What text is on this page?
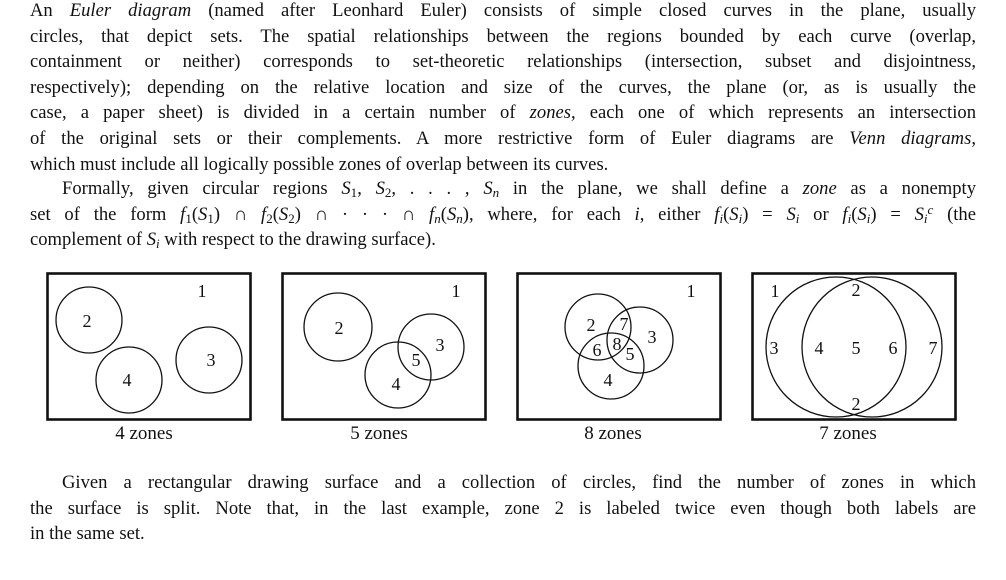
An Euler diagram (named after Leonhard Euler) consists of simple closed curves in the plane, usually
circles, that depict sets. The spatial relationships between the regions bounded by each curve (overlap,
containment or neither) corresponds to set-theoretic relationships (intersection, subset and disjointness,
respectively); depending on the relative location and size of the curves, the plane (or, as is usually the
case, a paper sheet) is divided in a certain number of zones, each one of which represents an intersection
of the original sets or their complements. A more restrictive form of Euler diagrams are Venn diagrams,
which must include all logically possible zones of overlap between its curves.
Formally, given circular regions $S_1$, $S_2$, . . . , $S_n$ in the plane, we shall define a zone as a nonempty
set of the form $f_1(S_1)$ ∩ $f_2(S_2)$ ∩ · · · ∩ $f_n(S_n)$, where, for each i, either $f_i(S_i) = S_i$ or $f_i(S_i) = S_i^c$ (the
complement of $S_i$ with respect to the drawing surface).
1
2
3
4
1
2
3
4
5
1
2
3
4
5
6
7
8
1	2
3 4 5 6 7
2
4 zones	5 zones	8 zones	7 zones
Given a rectangular drawing surface and a collection of circles, find the number of zones in which
the surface is split. Note that, in the last example, zone 2 is labeled twice even though both labels are
in the same set.
